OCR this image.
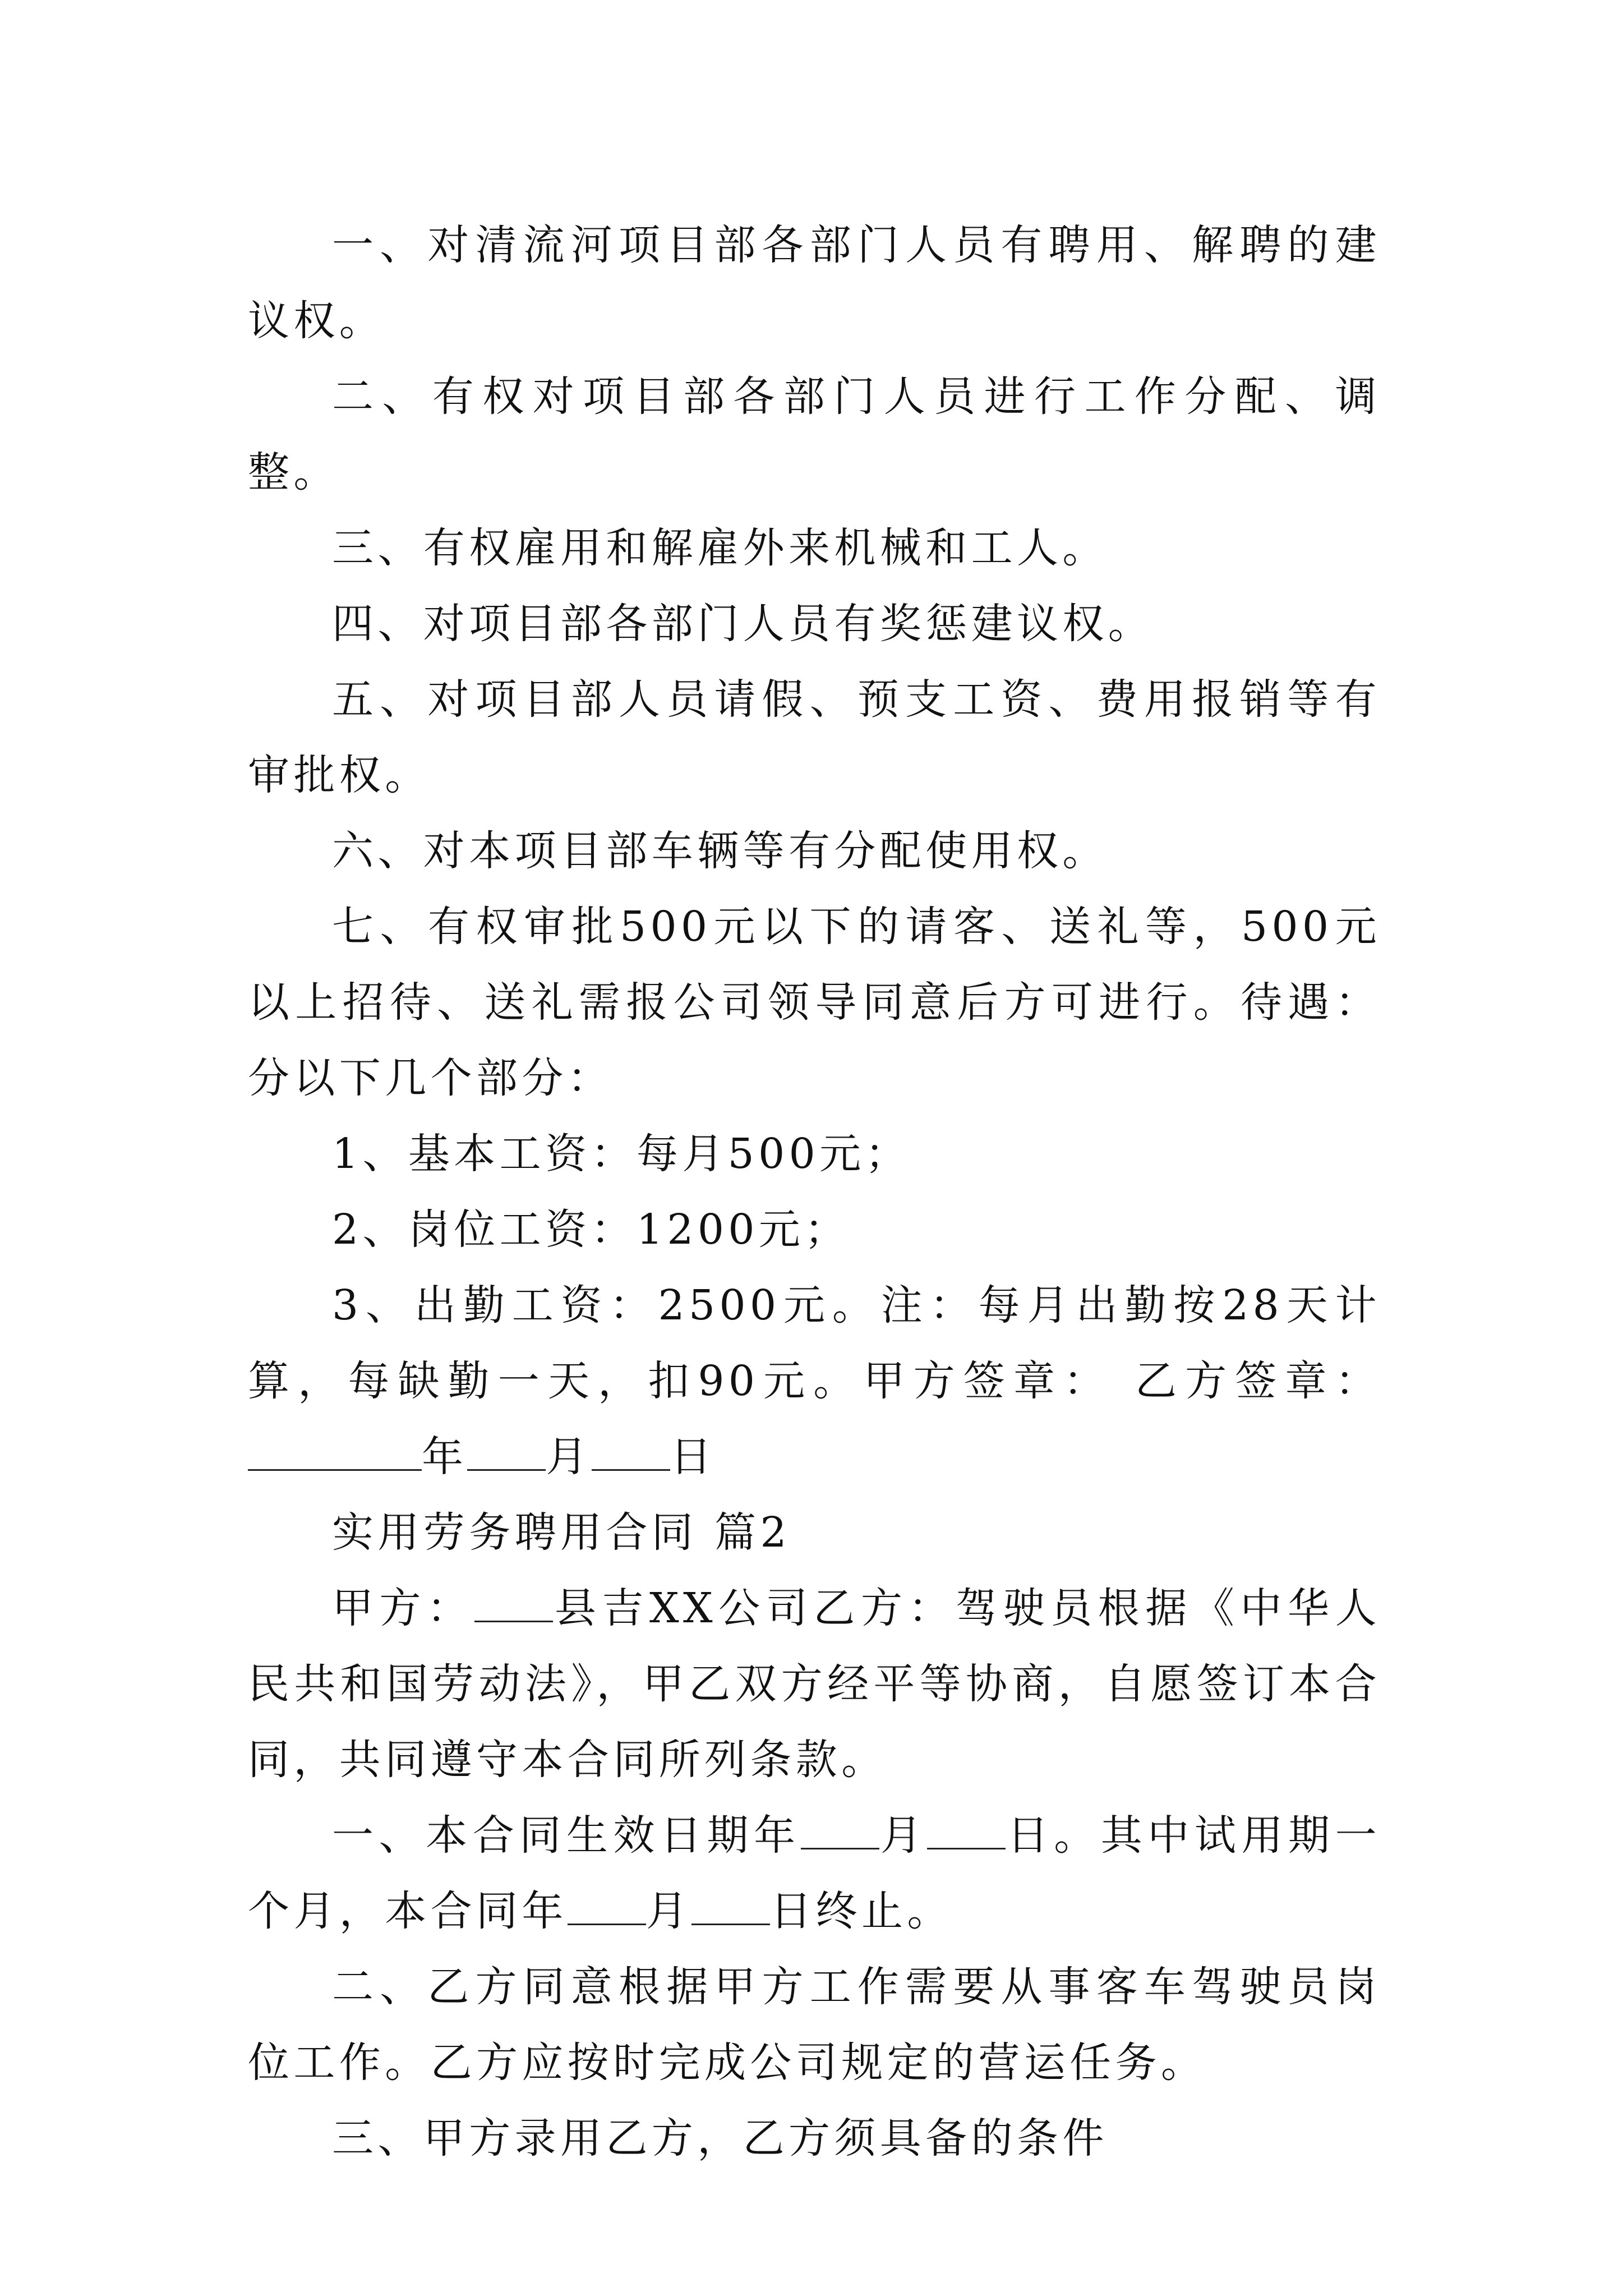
一、对清流河项目部各部门人员有聘用、解聘的建议权。

二、有权对项目部各部门人员进行工作分配、调整。

三、有权雇用和解雇外来机械和工人。

四、对项目部各部门人员有奖惩建议权。

五、对项目部人员请假、预支工资、费用报销等有审批权。

六、对本项目部车辆等有分配使用权。

七、有权审批500元以下的请客、送礼等，500元以上招待、送礼需报公司领导同意后方可进行。待遇：分以下几个部分：

1、基本工资：每月500元；

2、岗位工资：1200元；

3、出勤工资：2500元。注：每月出勤按28天计算，每缺勤一天，扣90元。甲方签章： 乙方签章：年 月 日

实用劳务聘用合同 篇2

甲方： 县吉XX公司乙方：驾驶员根据《中华人民共和国劳动法》，甲乙双方经平等协商，自愿签订本合同，共同遵守本合同所列条款。

一、本合同生效日期年 月 日。其中试用期一个月，本合同年 月 日终止。

二、乙方同意根据甲方工作需要从事客车驾驶员岗位工作。乙方应按时完成公司规定的营运任务。

三、甲方录用乙方，乙方须具备的条件
